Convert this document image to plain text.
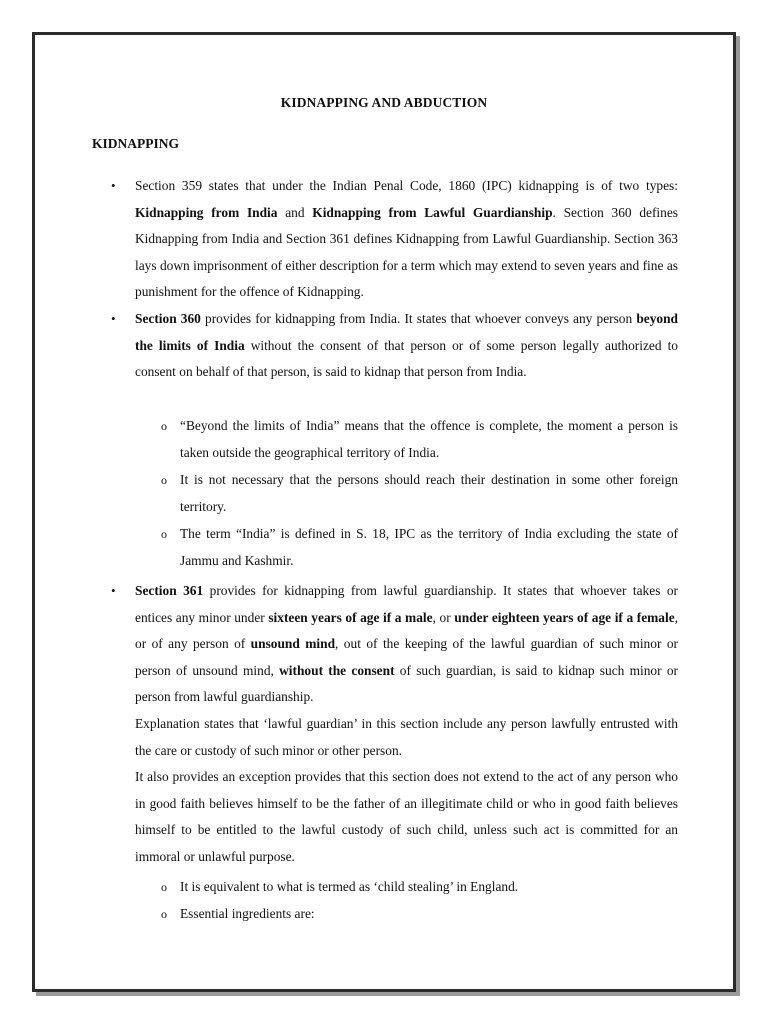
KIDNAPPING AND ABDUCTION
KIDNAPPING
• Section 359 states that under the Indian Penal Code, 1860 (IPC) kidnapping is of two types: Kidnapping from India and Kidnapping from Lawful Guardianship. Section 360 defines Kidnapping from India and Section 361 defines Kidnapping from Lawful Guardianship. Section 363 lays down imprisonment of either description for a term which may extend to seven years and fine as punishment for the offence of Kidnapping.
• Section 360 provides for kidnapping from India. It states that whoever conveys any person beyond the limits of India without the consent of that person or of some person legally authorized to consent on behalf of that person, is said to kidnap that person from India.
o “Beyond the limits of India” means that the offence is complete, the moment a person is taken outside the geographical territory of India.
o It is not necessary that the persons should reach their destination in some other foreign territory.
o The term “India” is defined in S. 18, IPC as the territory of India excluding the state of Jammu and Kashmir.
• Section 361 provides for kidnapping from lawful guardianship. It states that whoever takes or entices any minor under sixteen years of age if a male, or under eighteen years of age if a female, or of any person of unsound mind, out of the keeping of the lawful guardian of such minor or person of unsound mind, without the consent of such guardian, is said to kidnap such minor or person from lawful guardianship.
Explanation states that ‘lawful guardian’ in this section include any person lawfully entrusted with the care or custody of such minor or other person.
It also provides an exception provides that this section does not extend to the act of any person who in good faith believes himself to be the father of an illegitimate child or who in good faith believes himself to be entitled to the lawful custody of such child, unless such act is committed for an immoral or unlawful purpose.
o It is equivalent to what is termed as ‘child stealing’ in England.
o Essential ingredients are:
